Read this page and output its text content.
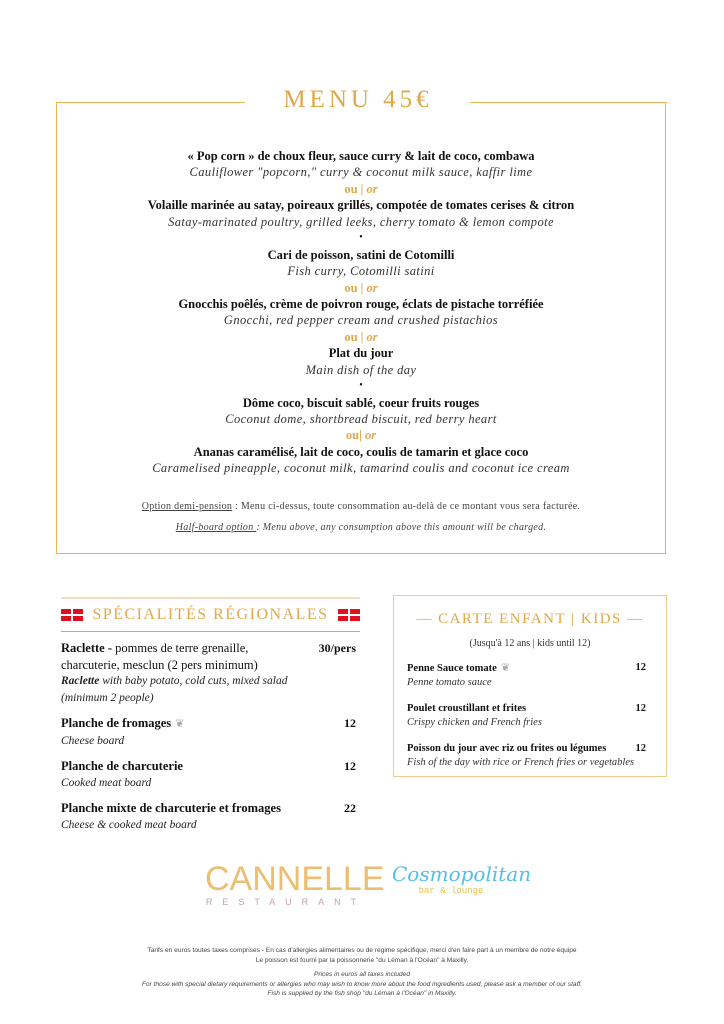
MENU 45€
« Pop corn » de choux fleur, sauce curry & lait de coco, combawa
Cauliflower "popcorn," curry & coconut milk sauce, kaffir lime
ou | or
Volaille marinée au satay, poireaux grillés, compotée de tomates cerises & citron
Satay-marinated poultry, grilled leeks, cherry tomato & lemon compote
•
Cari de poisson, satini de Cotomilli
Fish curry, Cotomilli satini
ou | or
Gnocchis poêlés, crème de poivron rouge, éclats de pistache torréfiée
Gnocchi, red pepper cream and crushed pistachios
ou | or
Plat du jour
Main dish of the day
•
Dôme coco, biscuit sablé, coeur fruits rouges
Coconut dome, shortbread biscuit, red berry heart
ou| or
Ananas caramélisé, lait de coco, coulis de tamarin et glace coco
Caramelised pineapple, coconut milk, tamarind coulis and coconut ice cream
Option demi-pension : Menu ci-dessus, toute consommation au-delà de ce montant vous sera facturée.
Half-board option : Menu above, any consumption above this amount will be charged.
SPÉCIALITÉS RÉGIONALES
Raclette - pommes de terre grenaille, charcuterie, mesclun (2 pers minimum)
Raclette with baby potato, cold cuts, mixed salad (minimum 2 people)
30/pers
Planche de fromages ❦
Cheese board
12
Planche de charcuterie
Cooked meat board
12
Planche mixte de charcuterie et fromages
Cheese & cooked meat board
22
— CARTE ENFANT | KIDS —
(Jusqu'à 12 ans | kids until 12)
Penne Sauce tomate ❦
Penne tomato sauce
12
Poulet croustillant et frites
Crispy chicken and French fries
12
Poisson du jour avec riz ou frites ou légumes
Fish of the day with rice or French fries or vegetables
12
CANNELLE
RESTAURANT
Cosmopolitan
bar & lounge
Tarifs en euros toutes taxes comprises - En cas d'allergies alimentaires ou de régime spécifique, merci d'en faire part à un membre de notre équipe
Le poisson est fourni par la poissonnerie "du Léman à l'Océan" à Maxilly.
Prices in euros all taxes included
For those with special dietary requirements or allergies who may wish to know more about the food ingredients used, please ask a member of our staff.
Fish is supplied by the fish shop "du Léman à l'Océan" in Maxilly.
